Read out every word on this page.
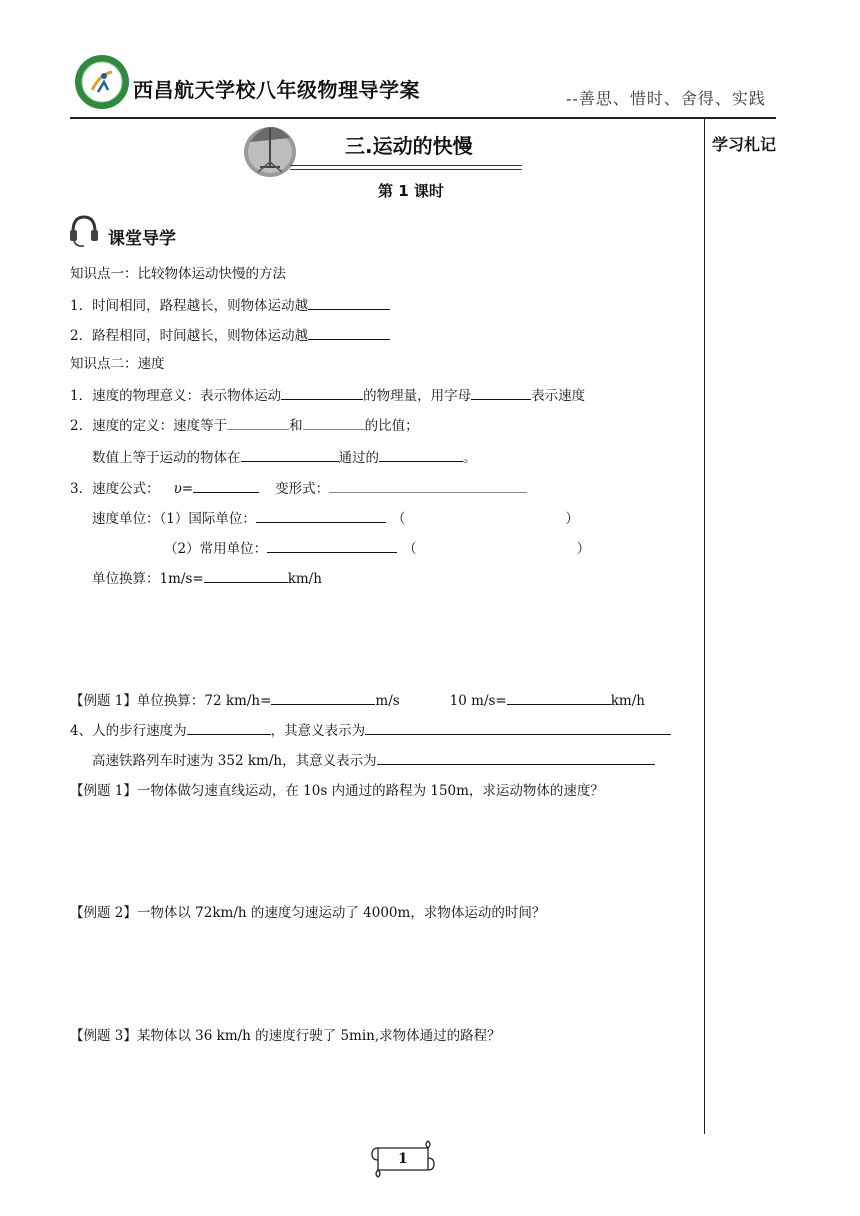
西昌航天学校八年级物理导学案	--善思、惜时、舍得、实践
学习札记
三.运动的快慢
第 1 课时
课堂导学
知识点一：比较物体运动快慢的方法
1．时间相同，路程越长，则物体运动越
2．路程相同，时间越长，则物体运动越
知识点二：速度
1．速度的物理意义：表示物体运动	的物理量，用字母	表示速度
2．速度的定义：速度等于	和	的比值；
数值上等于运动的物体在	通过的	。
3．速度公式： υ=	变形式：
速度单位：（1）国际单位：	（	）
（2）常用单位：	（	）
单位换算：1m/s=	km/h
【例题 1】单位换算：72 km/h=	m/s	10 m/s=	km/h
4、人的步行速度为	，其意义表示为
高速铁路列车时速为 352 km/h，其意义表示为
【例题 1】一物体做匀速直线运动，在 10s 内通过的路程为 150m，求运动物体的速度？
【例题 2】一物体以 72km/h 的速度匀速运动了 4000m，求物体运动的时间？
【例题 3】某物体以 36 km/h 的速度行驶了 5min,求物体通过的路程？
1
